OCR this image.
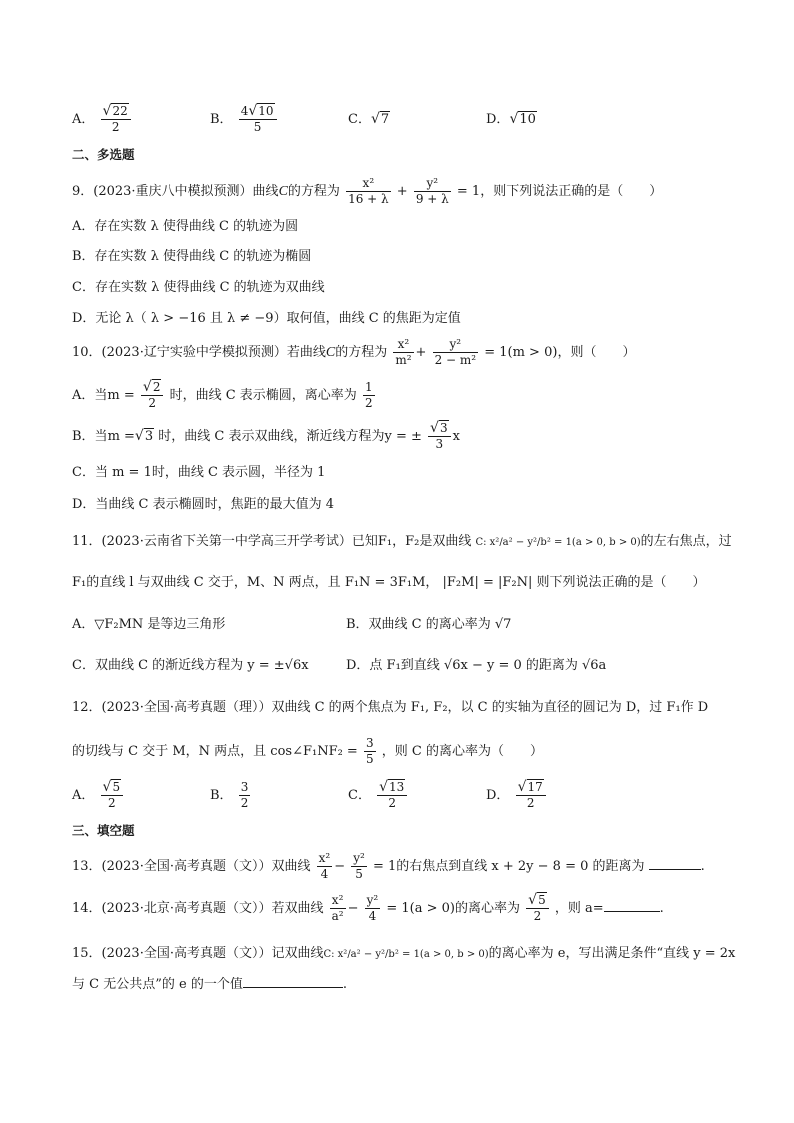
A． $\frac{√22}{2}$	B． $\frac{4√10}{5}$	C．√7	D．√10
二、多选题
9．(2023·重庆八中模拟预测）曲线C的方程为 $\frac{\text{x²}}{16 + \lambda} + \frac{\text{y²}}{9 + \lambda} = 1$，则下列说法正确的是（　　）
A．存在实数 λ 使得曲线 C 的轨迹为圆
B．存在实数 λ 使得曲线 C 的轨迹为椭圆
C．存在实数 λ 使得曲线 C 的轨迹为双曲线
D．无论 λ（ λ > −16 且 λ ≠ −9）取何值，曲线 C 的焦距为定值
10．(2023·辽宁实验中学模拟预测）若曲线C的方程为 $\frac{\text{x²}}{\text{m²}} + \frac{\text{y²}}{\text{2 − m²}} = 1(m > 0)$，则（　　）
A．当$m = \frac{√2}{2}$ 时，曲线 C 表示椭圆，离心率为 $\frac{1}{2}$
B．当m =√3 时，曲线 C 表示双曲线，渐近线方程为y = ± $\frac{√3}{3}$ x
C．当 m = 1时，曲线 C 表示圆，半径为 1
D．当曲线 C 表示椭圆时，焦距的最大值为 4
11．(2023·云南省下关第一中学高三开学考试）已知F₁，F₂是双曲线 C: x²/a² − y²/b² = 1(a > 0, b > 0)的左右焦点，过
F₁的直线 l 与双曲线 C 交于，M、N 两点，且 F₁N = 3F₁M， |F₂M| = |F₂N| 则下列说法正确的是（　　）
A．▽F₂MN 是等边三角形	B．双曲线 C 的离心率为 √7
C．双曲线 C 的渐近线方程为 y = ±√6x	D．点 F₁到直线 √6x − y = 0 的距离为 √6a
12．(2023·全国·高考真题（理））双曲线 C 的两个焦点为 F₁, F₂，以 C 的实轴为直径的圆记为 D，过 F₁作 D
的切线与 C 交于 M，N 两点，且 cos∠F₁NF₂ = $\frac{3}{5}$ ，则 C 的离心率为（　　）
A． $\frac{√5}{2}$	B． $\frac{3}{2}$	C． $\frac{√13}{2}$	D． $\frac{√17}{2}$
三、填空题
13．(2023·全国·高考真题（文））双曲线 $\frac{\text{x²}}{4} - \frac{\text{y²}}{5} = 1$的右焦点到直线 x + 2y − 8 = 0 的距离为	.
14．(2023·北京·高考真题（文））若双曲线 $\frac{\text{x²}}{\text{a²}} - \frac{\text{y²}}{4} = 1(a > 0)$的离心率为 $\frac{√5}{2}$ ，则 a=	.
15．(2023·全国·高考真题（文））记双曲线C: x²/a² − y²/b² = 1(a > 0, b > 0)的离心率为 e，写出满足条件“直线 y = 2x
与 C 无公共点”的 e 的一个值	.
